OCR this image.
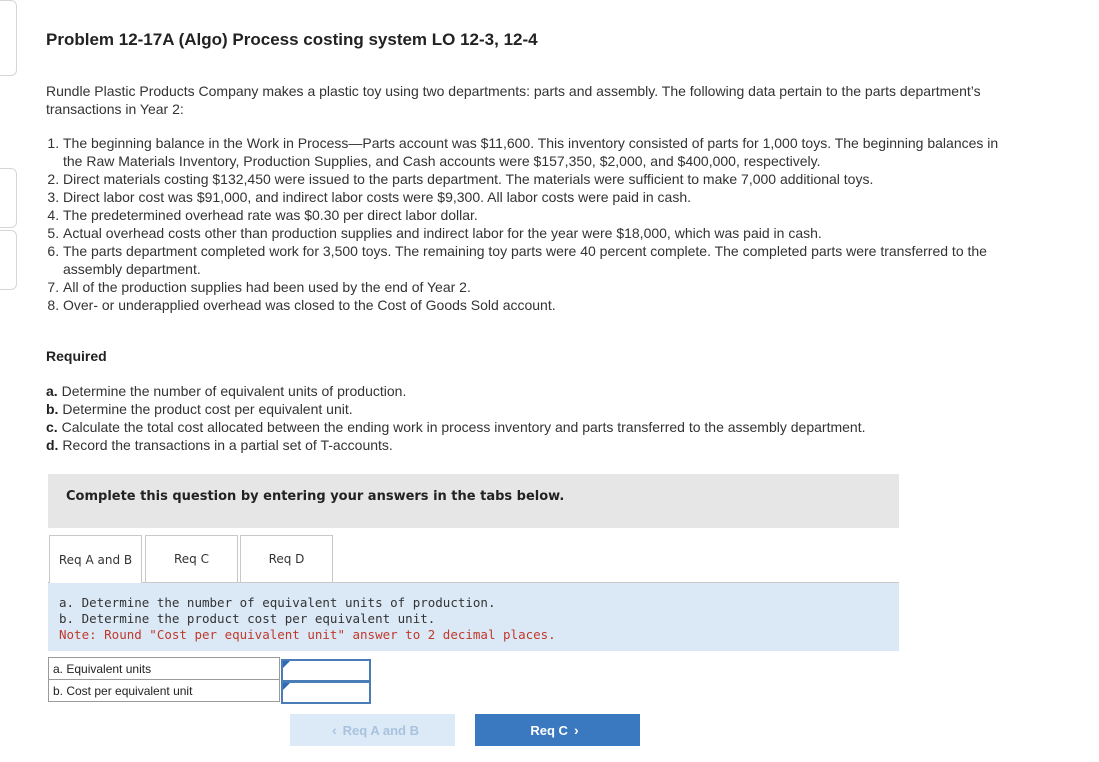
Problem 12-17A (Algo) Process costing system LO 12-3, 12-4
Rundle Plastic Products Company makes a plastic toy using two departments: parts and assembly. The following data pertain to the parts department’s transactions in Year 2:
1. The beginning balance in the Work in Process—Parts account was $11,600. This inventory consisted of parts for 1,000 toys. The beginning balances in the Raw Materials Inventory, Production Supplies, and Cash accounts were $157,350, $2,000, and $400,000, respectively.
2. Direct materials costing $132,450 were issued to the parts department. The materials were sufficient to make 7,000 additional toys.
3. Direct labor cost was $91,000, and indirect labor costs were $9,300. All labor costs were paid in cash.
4. The predetermined overhead rate was $0.30 per direct labor dollar.
5. Actual overhead costs other than production supplies and indirect labor for the year were $18,000, which was paid in cash.
6. The parts department completed work for 3,500 toys. The remaining toy parts were 40 percent complete. The completed parts were transferred to the assembly department.
7. All of the production supplies had been used by the end of Year 2.
8. Over- or underapplied overhead was closed to the Cost of Goods Sold account.
Required
a. Determine the number of equivalent units of production.
b. Determine the product cost per equivalent unit.
c. Calculate the total cost allocated between the ending work in process inventory and parts transferred to the assembly department.
d. Record the transactions in a partial set of T-accounts.
Complete this question by entering your answers in the tabs below.
Req A and B	Req C	Req D
a. Determine the number of equivalent units of production.
b. Determine the product cost per equivalent unit.
Note: Round "Cost per equivalent unit" answer to 2 decimal places.
a. Equivalent units	

b. Cost per equivalent unit	
‹ Req A and B	Req C ›
